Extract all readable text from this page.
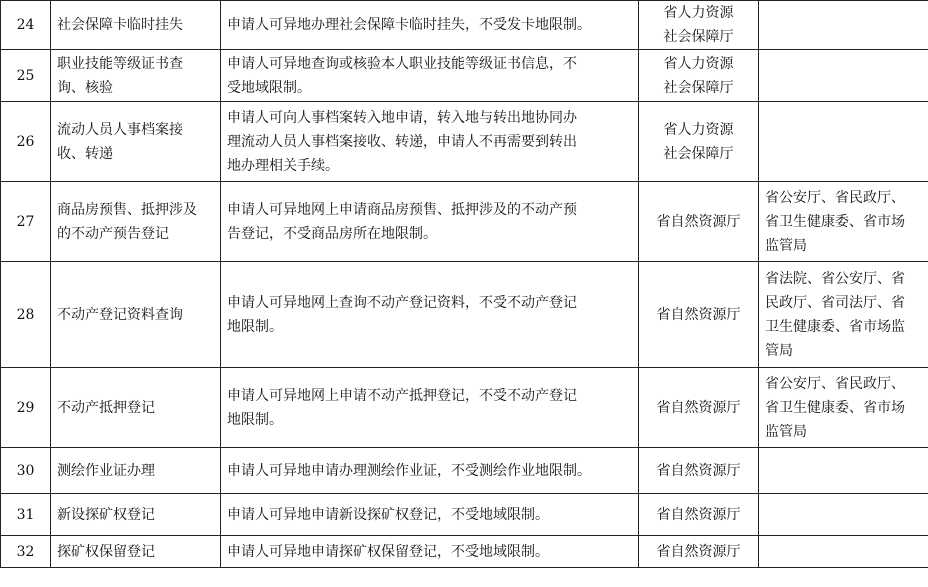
24	社会保障卡临时挂失	申请人可异地办理社会保障卡临时挂失，不受发卡地限制。	省人力资源
社会保障厅	

25	职业技能等级证书查
询、核验	申请人可异地查询或核验本人职业技能等级证书信息，不
受地域限制。	省人力资源
社会保障厅	

26	流动人员人事档案接
收、转递	申请人可向人事档案转入地申请，转入地与转出地协同办
理流动人员人事档案接收、转递，申请人不再需要到转出
地办理相关手续。	省人力资源
社会保障厅	

27	商品房预售、抵押涉及
的不动产预告登记	申请人可异地网上申请商品房预售、抵押涉及的不动产预
告登记，不受商品房所在地限制。	省自然资源厅	省公安厅、省民政厅、
省卫生健康委、省市场
监管局

28	不动产登记资料查询	申请人可异地网上查询不动产登记资料，不受不动产登记
地限制。	省自然资源厅	省法院、省公安厅、省
民政厅、省司法厅、省
卫生健康委、省市场监
管局

29	不动产抵押登记	申请人可异地网上申请不动产抵押登记，不受不动产登记
地限制。	省自然资源厅	省公安厅、省民政厅、
省卫生健康委、省市场
监管局

30	测绘作业证办理	申请人可异地申请办理测绘作业证，不受测绘作业地限制。	省自然资源厅	

31	新设探矿权登记	申请人可异地申请新设探矿权登记，不受地域限制。	省自然资源厅	

32	探矿权保留登记	申请人可异地申请探矿权保留登记，不受地域限制。	省自然资源厅	
